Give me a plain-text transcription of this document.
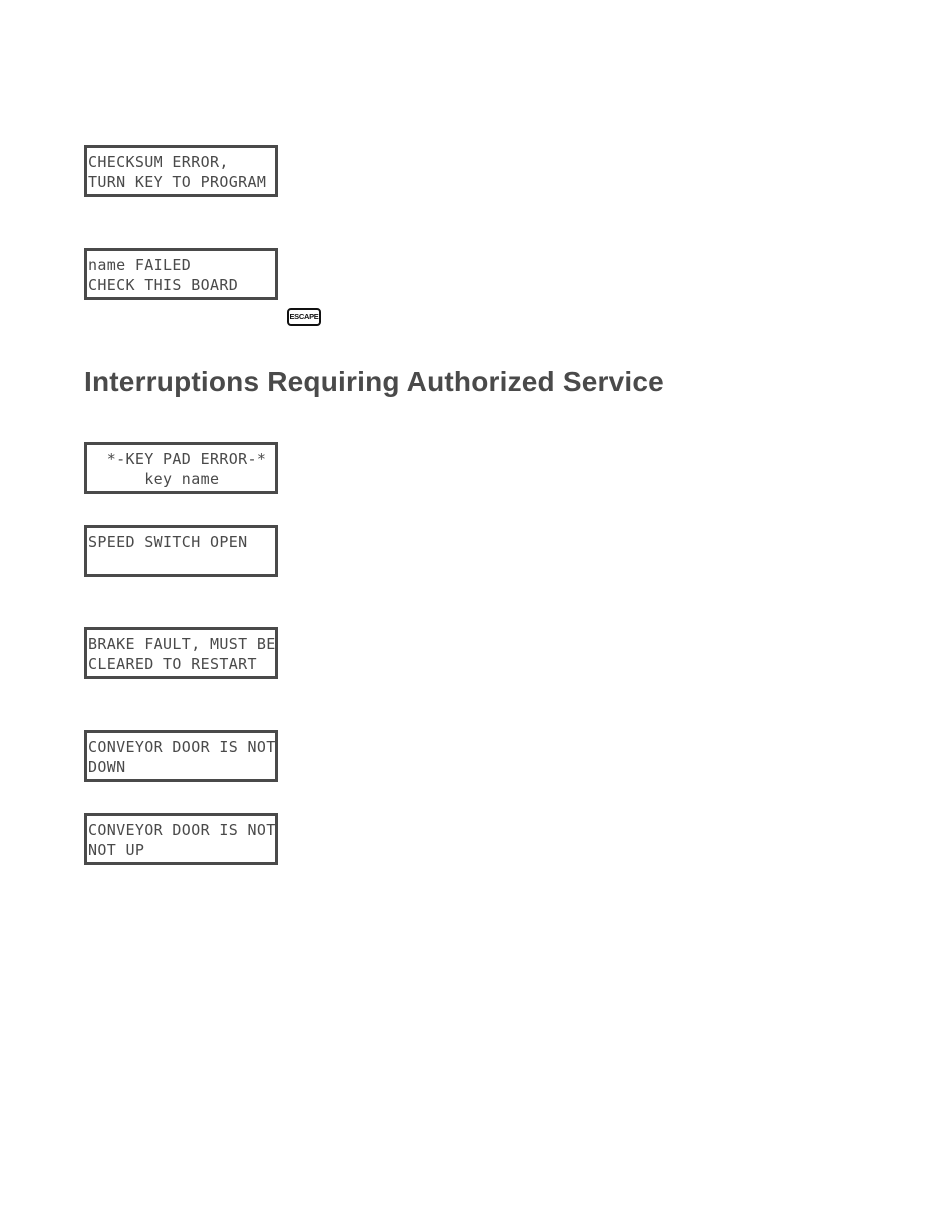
CHECKSUM ERROR,
TURN KEY TO PROGRAM
name FAILED
CHECK THIS BOARD
ESCAPE
Interruptions Requiring Authorized Service
*-KEY PAD ERROR-*
key name
SPEED SWITCH OPEN
BRAKE FAULT, MUST BE
CLEARED TO RESTART
CONVEYOR DOOR IS NOT
DOWN
CONVEYOR DOOR IS NOT
NOT UP
